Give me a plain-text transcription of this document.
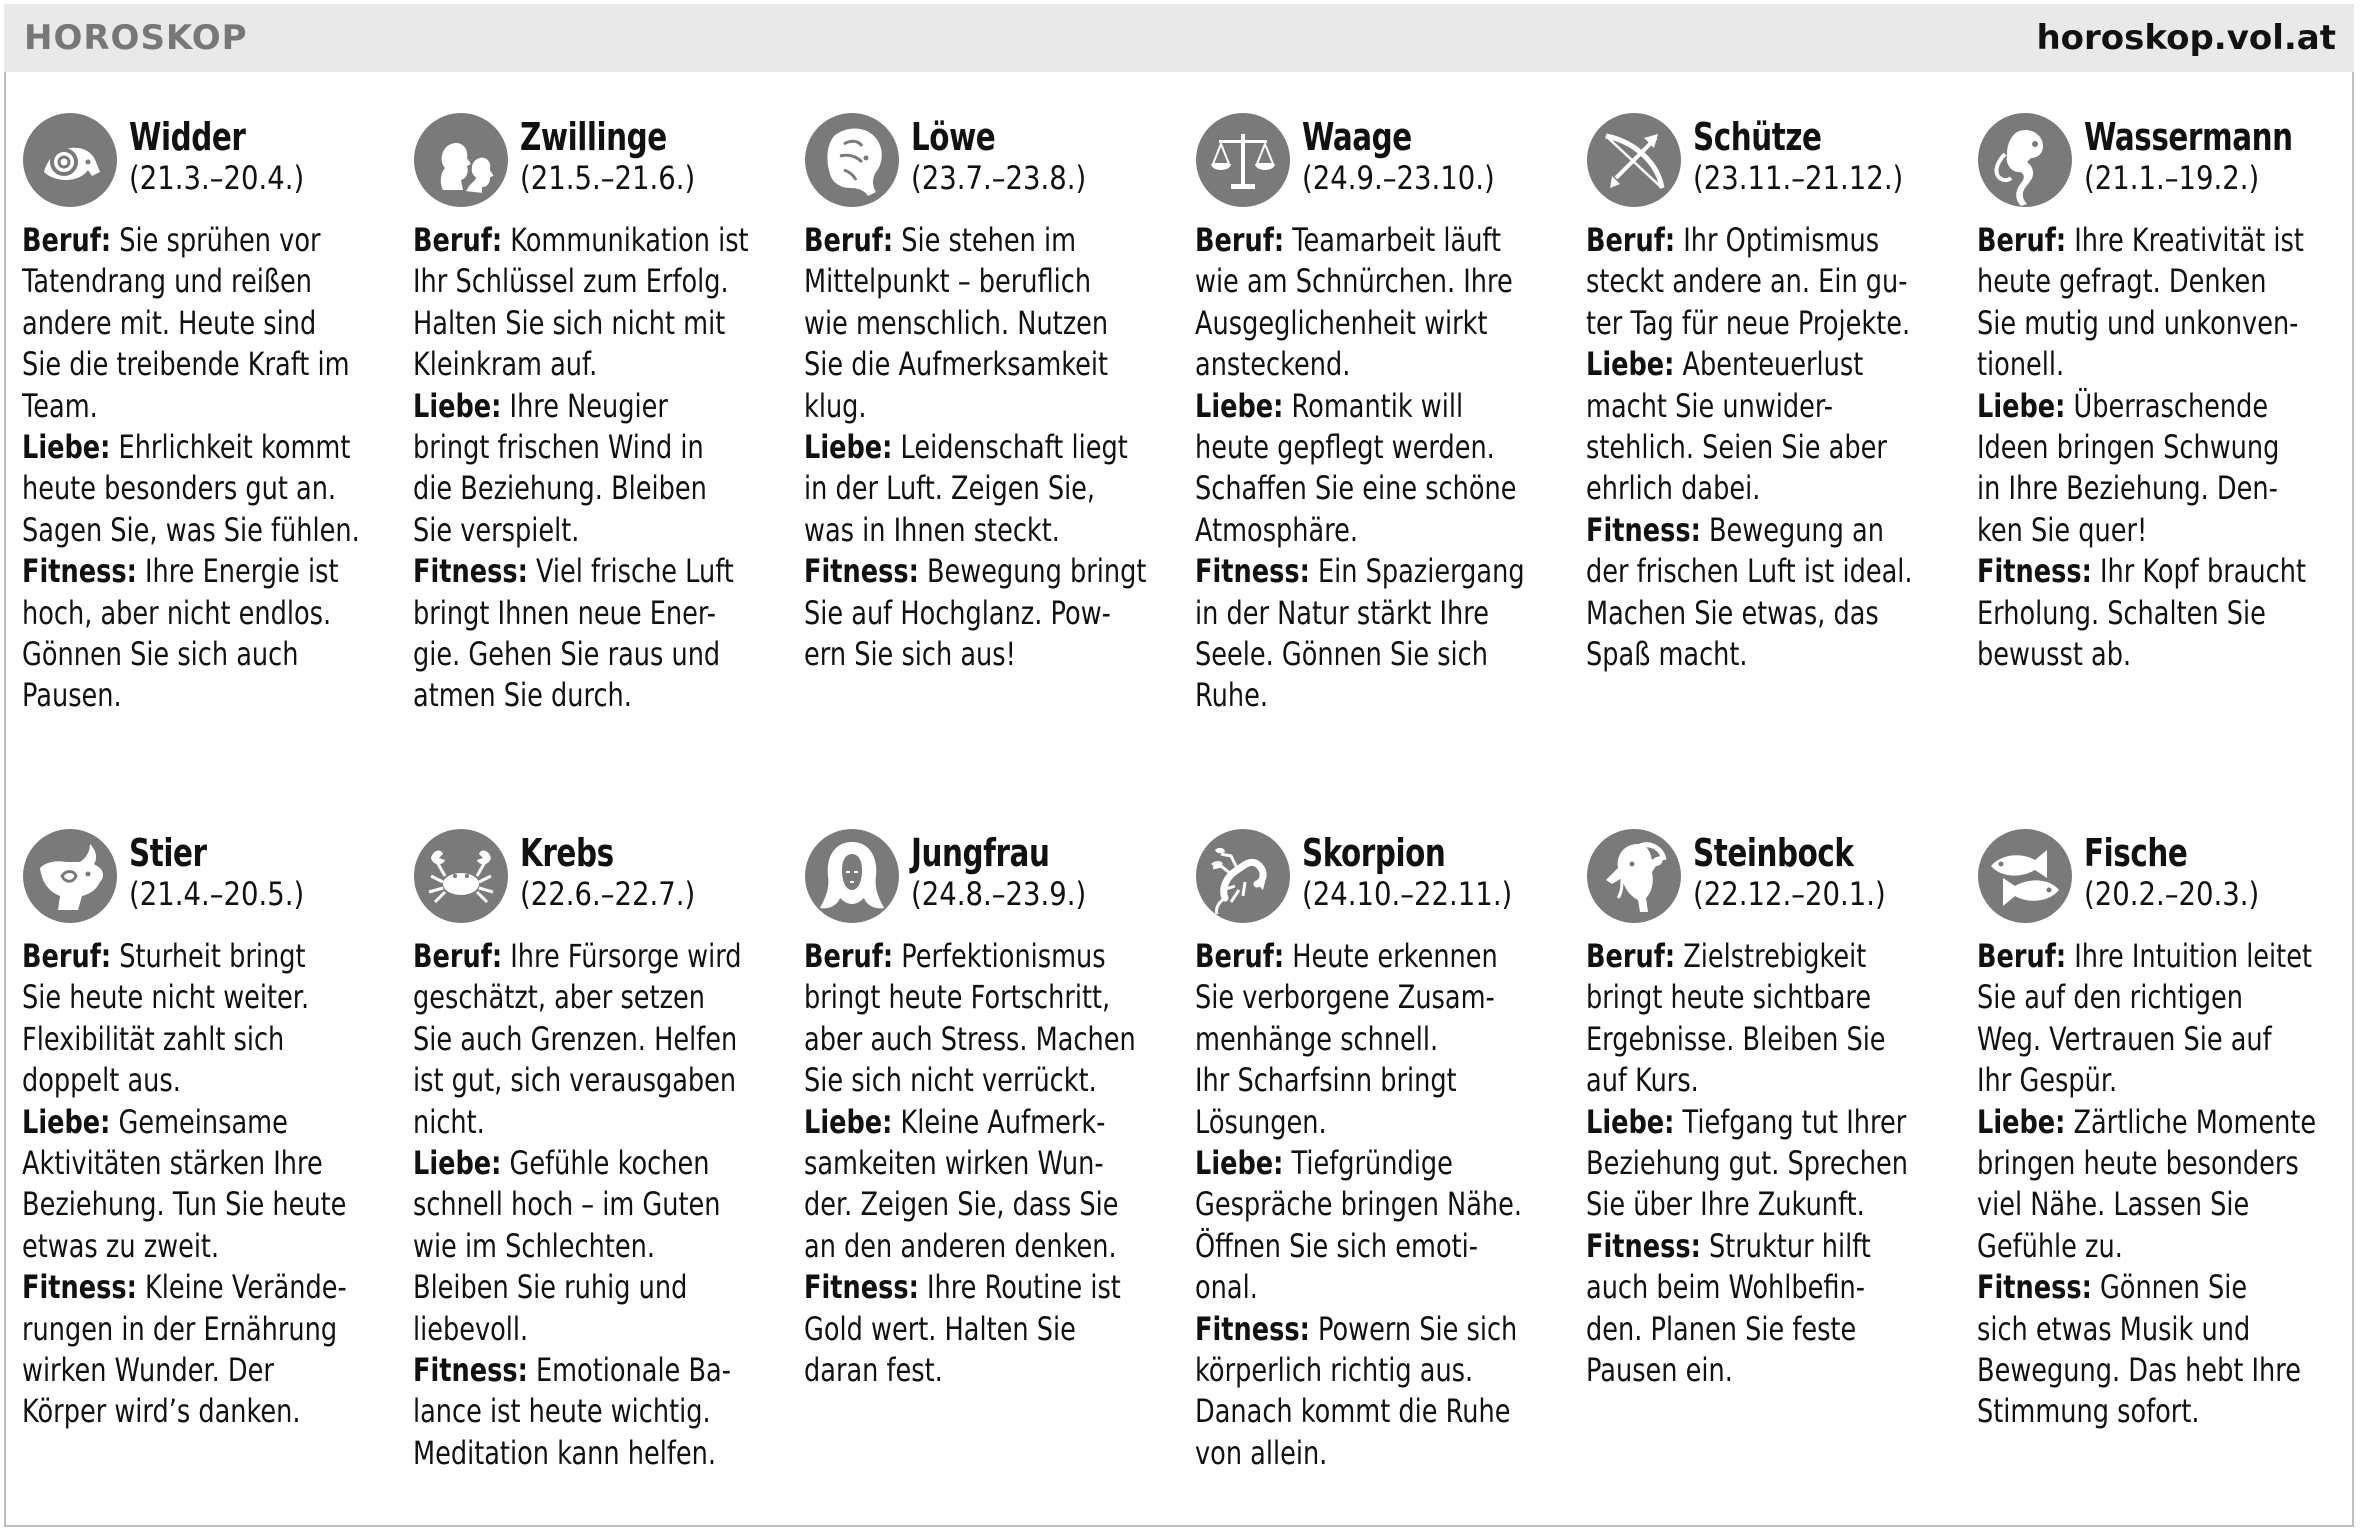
HOROSKOP	horoskop.vol.at
Widder
(21.3.–20.4.)
Beruf: Sie sprühen vor
Tatendrang und reißen
andere mit. Heute sind
Sie die treibende Kraft im
Team.
Liebe: Ehrlichkeit kommt
heute besonders gut an.
Sagen Sie, was Sie fühlen.
Fitness: Ihre Energie ist
hoch, aber nicht endlos.
Gönnen Sie sich auch
Pausen.
Zwillinge
(21.5.–21.6.)
Beruf: Kommunikation ist
Ihr Schlüssel zum Erfolg.
Halten Sie sich nicht mit
Kleinkram auf.
Liebe: Ihre Neugier
bringt frischen Wind in
die Beziehung. Bleiben
Sie verspielt.
Fitness: Viel frische Luft
bringt Ihnen neue Ener-
gie. Gehen Sie raus und
atmen Sie durch.
Löwe
(23.7.–23.8.)
Beruf: Sie stehen im
Mittelpunkt – beruflich
wie menschlich. Nutzen
Sie die Aufmerksamkeit
klug.
Liebe: Leidenschaft liegt
in der Luft. Zeigen Sie,
was in Ihnen steckt.
Fitness: Bewegung bringt
Sie auf Hochglanz. Pow-
ern Sie sich aus!
Waage
(24.9.–23.10.)
Beruf: Teamarbeit läuft
wie am Schnürchen. Ihre
Ausgeglichenheit wirkt
ansteckend.
Liebe: Romantik will
heute gepflegt werden.
Schaffen Sie eine schöne
Atmosphäre.
Fitness: Ein Spaziergang
in der Natur stärkt Ihre
Seele. Gönnen Sie sich
Ruhe.
Schütze
(23.11.–21.12.)
Beruf: Ihr Optimismus
steckt andere an. Ein gu-
ter Tag für neue Projekte.
Liebe: Abenteuerlust
macht Sie unwider-
stehlich. Seien Sie aber
ehrlich dabei.
Fitness: Bewegung an
der frischen Luft ist ideal.
Machen Sie etwas, das
Spaß macht.
Wassermann
(21.1.–19.2.)
Beruf: Ihre Kreativität ist
heute gefragt. Denken
Sie mutig und unkonven-
tionell.
Liebe: Überraschende
Ideen bringen Schwung
in Ihre Beziehung. Den-
ken Sie quer!
Fitness: Ihr Kopf braucht
Erholung. Schalten Sie
bewusst ab.
Stier
(21.4.–20.5.)
Beruf: Sturheit bringt
Sie heute nicht weiter.
Flexibilität zahlt sich
doppelt aus.
Liebe: Gemeinsame
Aktivitäten stärken Ihre
Beziehung. Tun Sie heute
etwas zu zweit.
Fitness: Kleine Verände-
rungen in der Ernährung
wirken Wunder. Der
Körper wird’s danken.
Krebs
(22.6.–22.7.)
Beruf: Ihre Fürsorge wird
geschätzt, aber setzen
Sie auch Grenzen. Helfen
ist gut, sich verausgaben
nicht.
Liebe: Gefühle kochen
schnell hoch – im Guten
wie im Schlechten.
Bleiben Sie ruhig und
liebevoll.
Fitness: Emotionale Ba-
lance ist heute wichtig.
Meditation kann helfen.
Jungfrau
(24.8.–23.9.)
Beruf: Perfektionismus
bringt heute Fortschritt,
aber auch Stress. Machen
Sie sich nicht verrückt.
Liebe: Kleine Aufmerk-
samkeiten wirken Wun-
der. Zeigen Sie, dass Sie
an den anderen denken.
Fitness: Ihre Routine ist
Gold wert. Halten Sie
daran fest.
Skorpion
(24.10.–22.11.)
Beruf: Heute erkennen
Sie verborgene Zusam-
menhänge schnell.
Ihr Scharfsinn bringt
Lösungen.
Liebe: Tiefgründige
Gespräche bringen Nähe.
Öffnen Sie sich emoti-
onal.
Fitness: Powern Sie sich
körperlich richtig aus.
Danach kommt die Ruhe
von allein.
Steinbock
(22.12.–20.1.)
Beruf: Zielstrebigkeit
bringt heute sichtbare
Ergebnisse. Bleiben Sie
auf Kurs.
Liebe: Tiefgang tut Ihrer
Beziehung gut. Sprechen
Sie über Ihre Zukunft.
Fitness: Struktur hilft
auch beim Wohlbefin-
den. Planen Sie feste
Pausen ein.
Fische
(20.2.–20.3.)
Beruf: Ihre Intuition leitet
Sie auf den richtigen
Weg. Vertrauen Sie auf
Ihr Gespür.
Liebe: Zärtliche Momente
bringen heute besonders
viel Nähe. Lassen Sie
Gefühle zu.
Fitness: Gönnen Sie
sich etwas Musik und
Bewegung. Das hebt Ihre
Stimmung sofort.
